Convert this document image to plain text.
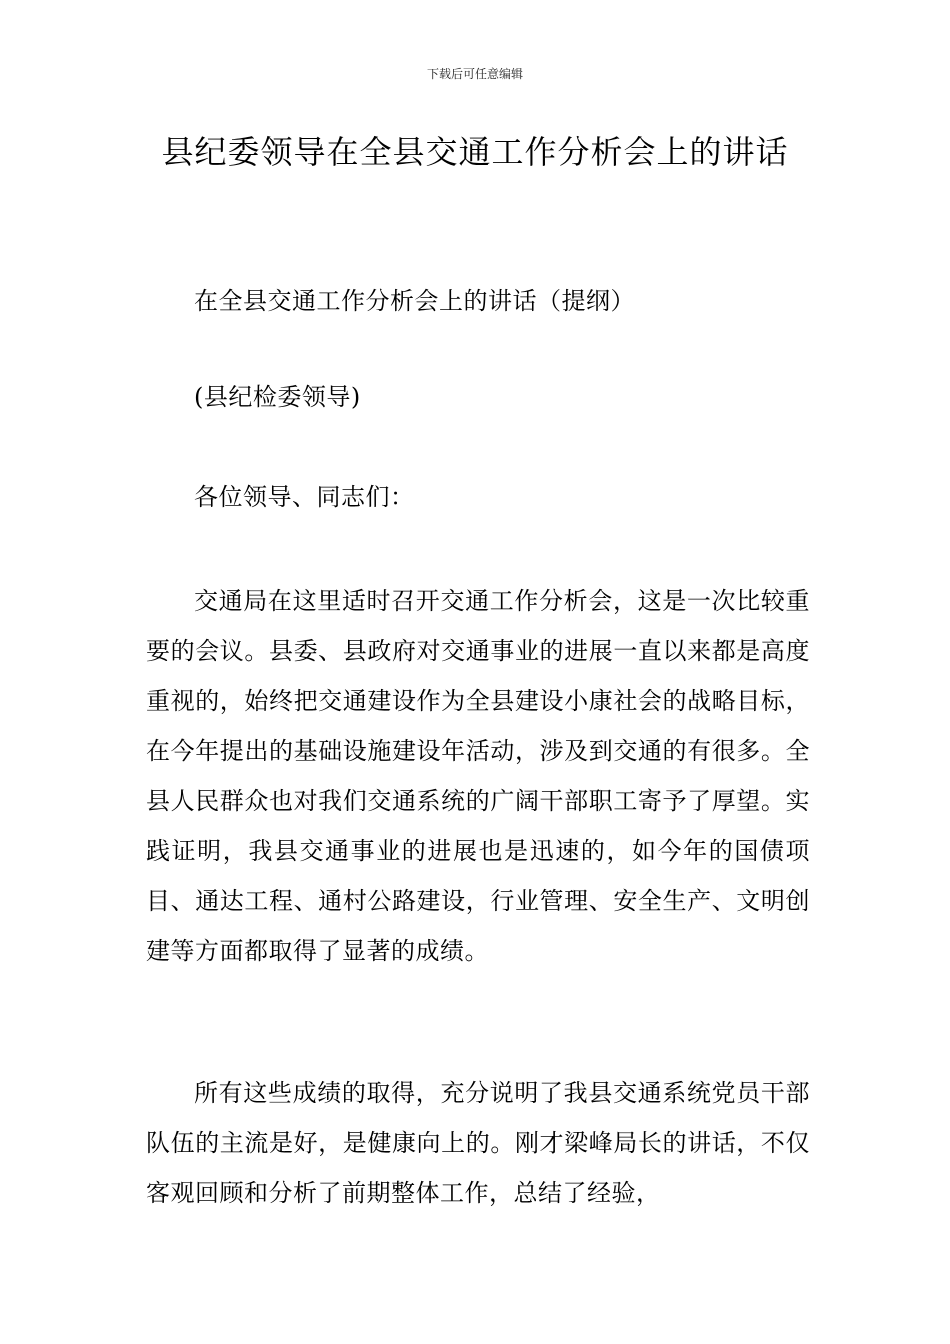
下载后可任意编辑
县纪委领导在全县交通工作分析会上的讲话

在全县交通工作分析会上的讲话（提纲）

(县纪检委领导)

各位领导、同志们：

交通局在这里适时召开交通工作分析会，这是一次比较重要的会议。县委、县政府对交通事业的进展一直以来都是高度重视的，始终把交通建设作为全县建设小康社会的战略目标，在今年提出的基础设施建设年活动，涉及到交通的有很多。全县人民群众也对我们交通系统的广阔干部职工寄予了厚望。实践证明，我县交通事业的进展也是迅速的，如今年的国债项目、通达工程、通村公路建设，行业管理、安全生产、文明创建等方面都取得了显著的成绩。

所有这些成绩的取得，充分说明了我县交通系统党员干部队伍的主流是好，是健康向上的。刚才梁峰局长的讲话，不仅客观回顾和分析了前期整体工作，总结了经验，
